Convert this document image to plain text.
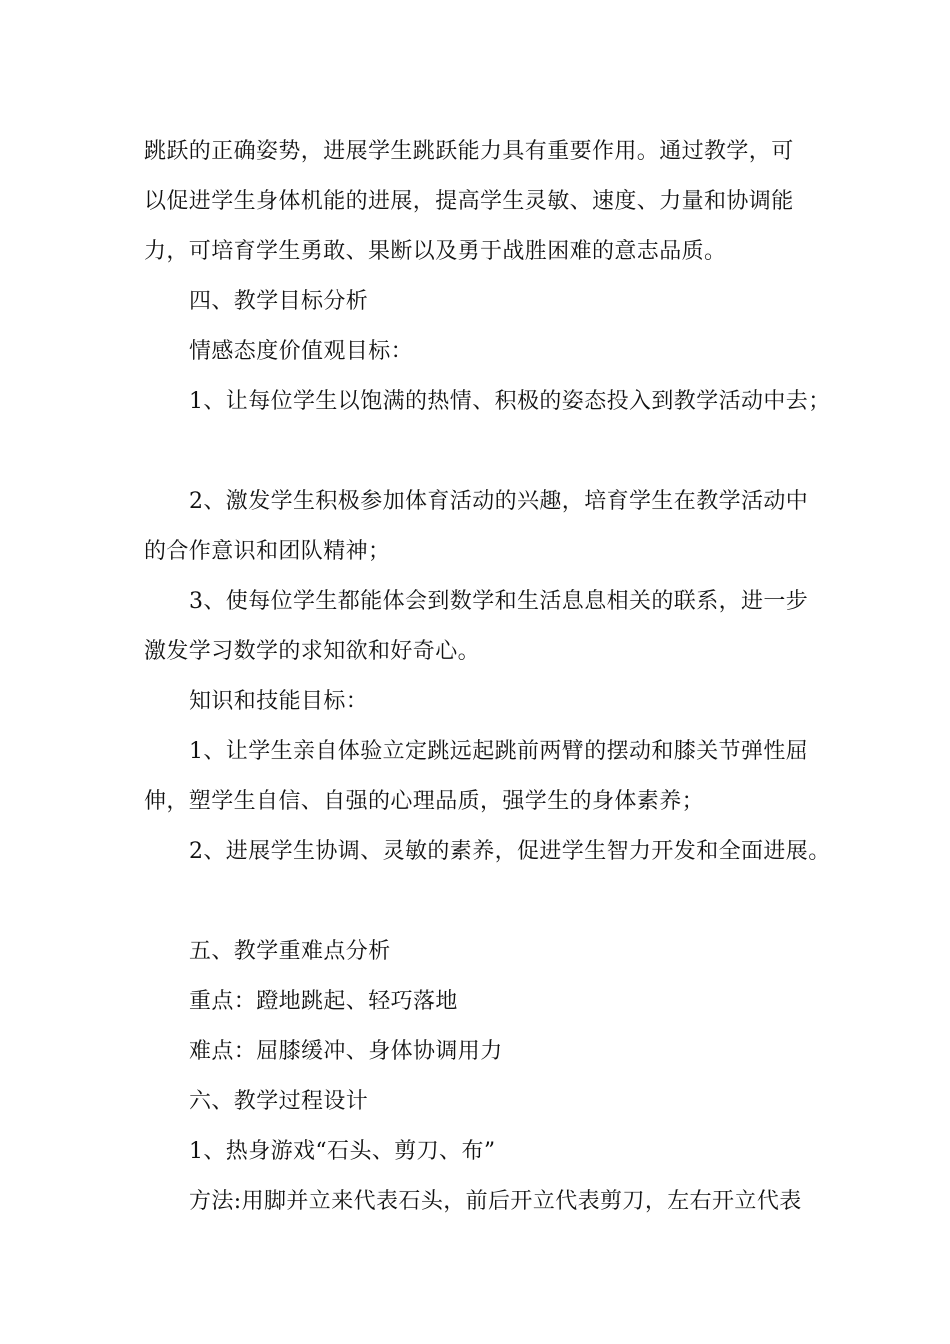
跳跃的正确姿势，进展学生跳跃能力具有重要作用。通过教学，可
以促进学生身体机能的进展，提高学生灵敏、速度、力量和协调能
力，可培育学生勇敢、果断以及勇于战胜困难的意志品质。
四、教学目标分析
情感态度价值观目标：
1、让每位学生以饱满的热情、积极的姿态投入到教学活动中去；
2、激发学生积极参加体育活动的兴趣，培育学生在教学活动中
的合作意识和团队精神；
3、使每位学生都能体会到数学和生活息息相关的联系，进一步
激发学习数学的求知欲和好奇心。
知识和技能目标：
1、让学生亲自体验立定跳远起跳前两臂的摆动和膝关节弹性屈
伸，塑学生自信、自强的心理品质，强学生的身体素养；
2、进展学生协调、灵敏的素养，促进学生智力开发和全面进展。
五、教学重难点分析
重点：蹬地跳起、轻巧落地
难点：屈膝缓冲、身体协调用力
六、教学过程设计
1、热身游戏“石头、剪刀、布”
方法:用脚并立来代表石头，前后开立代表剪刀，左右开立代表
